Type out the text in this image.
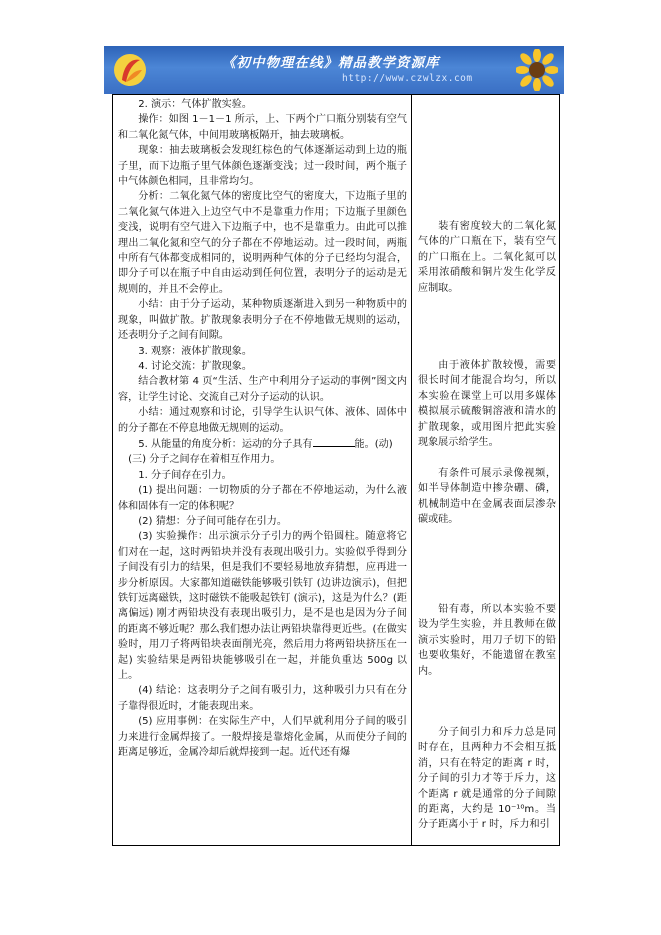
《初中物理在线》精品教学资源库
http://www.czwlzx.com

2. 演示：气体扩散实验。

操作：如图 1－1－1 所示，上、下两个广口瓶分别装有空气和二氧化氮气体，中间用玻璃板隔开，抽去玻璃板。

现象：抽去玻璃板会发现红棕色的气体逐渐运动到上边的瓶子里，而下边瓶子里气体颜色逐渐变浅；过一段时间，两个瓶子中气体颜色相同，且非常均匀。

分析：二氧化氮气体的密度比空气的密度大，下边瓶子里的二氧化氮气体进入上边空气中不是靠重力作用；下边瓶子里颜色变浅，说明有空气进入下边瓶子中，也不是靠重力。由此可以推理出二氧化氮和空气的分子都在不停地运动。过一段时间，两瓶中所有气体都变成相同的，说明两种气体的分子已经均匀混合，即分子可以在瓶子中自由运动到任何位置，表明分子的运动是无规则的，并且不会停止。

小结：由于分子运动，某种物质逐渐进入到另一种物质中的现象，叫做扩散。扩散现象表明分子在不停地做无规则的运动，还表明分子之间有间隙。

3. 观察：液体扩散现象。

4. 讨论交流：扩散现象。

结合教材第 4 页“生活、生产中利用分子运动的事例”图文内容，让学生讨论、交流自己对分子运动的认识。

小结：通过观察和讨论，引导学生认识气体、液体、固体中的分子都在不停息地做无规则的运动。

5. 从能量的角度分析：运动的分子具有	能。(动)

(三) 分子之间存在着相互作用力。

1. 分子间存在引力。

(1) 提出问题：一切物质的分子都在不停地运动，为什么液体和固体有一定的体积呢？

(2) 猜想：分子间可能存在引力。

(3) 实验操作：出示演示分子引力的两个铅圆柱。随意将它们对在一起，这时两铅块并没有表现出吸引力。实验似乎得到分子间没有引力的结果，但是我们不要轻易地放弃猜想，应再进一步分析原因。大家都知道磁铁能够吸引铁钉 (边讲边演示)，但把铁钉远离磁铁，这时磁铁不能吸起铁钉 (演示)，这是为什么？(距离偏远) 刚才两铅块没有表现出吸引力，是不是也是因为分子间的距离不够近呢？那么我们想办法让两铅块靠得更近些。(在做实验时，用刀子将两铅块表面削光亮，然后用力将两铅块挤压在一起) 实验结果是两铅块能够吸引在一起，并能负重达 500g 以上。

(4) 结论：这表明分子之间有吸引力，这种吸引力只有在分子靠得很近时，才能表现出来。

(5) 应用事例：在实际生产中，人们早就利用分子间的吸引力来进行金属焊接了。一般焊接是靠熔化金属，从而使分子间的距离足够近，金属冷却后就焊接到一起。近代还有爆

装有密度较大的二氧化氮气体的广口瓶在下，装有空气的广口瓶在上。二氧化氮可以采用浓硝酸和铜片发生化学反应制取。

由于液体扩散较慢，需要很长时间才能混合均匀，所以本实验在课堂上可以用多媒体模拟展示硫酸铜溶液和清水的扩散现象，或用图片把此实验现象展示给学生。

有条件可展示录像视频，如半导体制造中掺杂硼、磷，机械制造中在金属表面层渗杂碳或硅。

铅有毒，所以本实验不要设为学生实验，并且教师在做演示实验时，用刀子切下的铅也要收集好，不能遗留在教室内。

分子间引力和斥力总是同时存在，且两种力不会相互抵消，只有在特定的距离 r 时，分子间的引力才等于斥力，这个距离 r 就是通常的分子间隙的距离，大约是 10⁻¹⁰m。当分子距离小于 r 时，斥力和引
